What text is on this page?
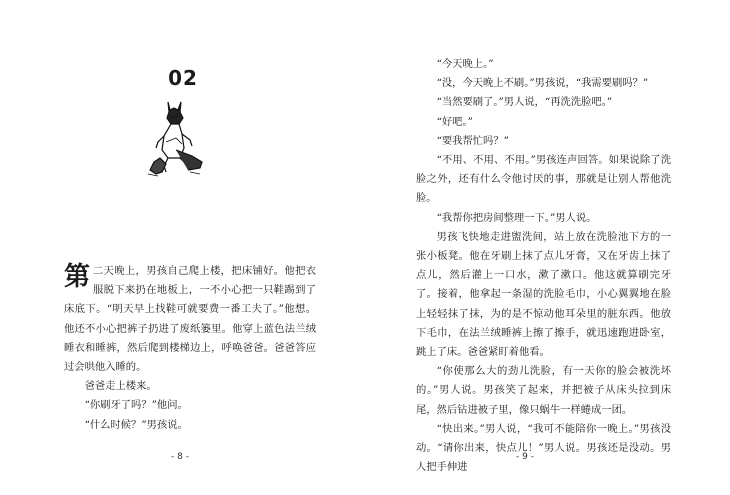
02

第二天晚上，男孩自己爬上楼，把床铺好。他把衣服脱下来扔在地板上，一不小心把一只鞋踢到了床底下。“明天早上找鞋可就要费一番工夫了。”他想。他还不小心把裤子扔进了废纸篓里。他穿上蓝色法兰绒睡衣和睡裤，然后爬到楼梯边上，呼唤爸爸。爸爸答应过会哄他入睡的。

爸爸走上楼来。

“你刷牙了吗？”他问。

“什么时候？”男孩说。

- 8 -

“今天晚上。”

“没，今天晚上不刷。”男孩说，“我需要刷吗？”

“当然要刷了。”男人说，“再洗洗脸吧。”

“好吧。”

“要我帮忙吗？”

“不用、不用、不用。”男孩连声回答。如果说除了洗脸之外，还有什么令他讨厌的事，那就是让别人帮他洗脸。

“我帮你把房间整理一下。”男人说。

男孩飞快地走进盥洗间，站上放在洗脸池下方的一张小板凳。他在牙刷上抹了点儿牙膏，又在牙齿上抹了点儿，然后灌上一口水，漱了漱口。他这就算刷完牙了。接着，他拿起一条湿的洗脸毛巾，小心翼翼地在脸上轻轻抹了抹，为的是不惊动他耳朵里的脏东西。他放下毛巾，在法兰绒睡裤上擦了擦手，就迅速跑进卧室，跳上了床。爸爸紧盯着他看。

“你使那么大的劲儿洗脸，有一天你的脸会被洗坏的。”男人说。男孩笑了起来，并把被子从床头拉到床尾，然后钻进被子里，像只蜗牛一样蜷成一团。

“快出来。”男人说，“我可不能陪你一晚上。”男孩没动。“请你出来，快点儿！”男人说。男孩还是没动。男人把手伸进

- 9 -
